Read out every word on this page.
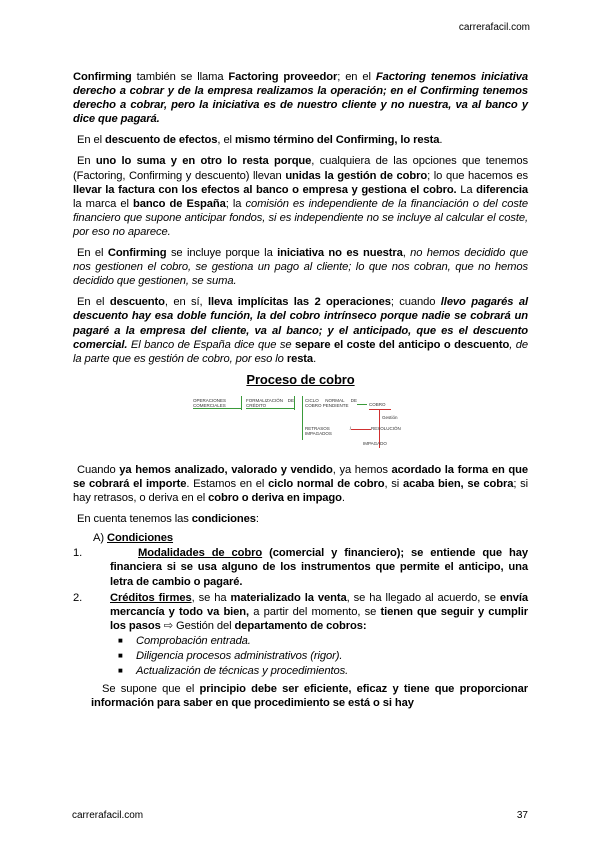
carrerafacil.com

Confirming también se llama Factoring proveedor; en el Factoring tenemos iniciativa derecho a cobrar y de la empresa realizamos la operación; en el Confirming tenemos derecho a cobrar, pero la iniciativa es de nuestro cliente y no nuestra, va al banco y dice que pagará.

En el descuento de efectos, el mismo término del Confirming, lo resta.

En uno lo suma y en otro lo resta porque, cualquiera de las opciones que tenemos (Factoring, Confirming y descuento) llevan unidas la gestión de cobro; lo que hacemos es llevar la factura con los efectos al banco o empresa y gestiona el cobro. La diferencia la marca el banco de España; la comisión es independiente de la financiación o del coste financiero que supone anticipar fondos, si es independiente no se incluye al calcular el coste, por eso no aparece.

En el Confirming se incluye porque la iniciativa no es nuestra, no hemos decidido que nos gestionen el cobro, se gestiona un pago al cliente; lo que nos cobran, que no hemos decidido que gestionen, se suma.

En el descuento, en sí, lleva implícitas las 2 operaciones; cuando llevo pagarés al descuento hay esa doble función, la del cobro intrínseco porque nadie se cobrará un pagaré a la empresa del cliente, va al banco; y el anticipado, que es el descuento comercial. El banco de España dice que se separe el coste del anticipo o descuento, de la parte que es gestión de cobro, por eso lo resta.

Proceso de cobro
OPERACIONES COMERCIALES
FORMALIZACIÓN DE CRÉDITO
CICLO NORMAL DE COBRO PENDIENTE	COBRO
Gestión
RETRASOS / IMPAGADOS
RESOLUCIÓN
IMPAGADO

Cuando ya hemos analizado, valorado y vendido, ya hemos acordado la forma en que se cobrará el importe. Estamos en el ciclo normal de cobro, si acaba bien, se cobra; si hay retrasos, o deriva en el cobro o deriva en impago.

En cuenta tenemos las condiciones:

A) Condiciones
1.	Modalidades de cobro (comercial y financiero); se entiende que hay financiera si se usa alguno de los instrumentos que permite el anticipo, una letra de cambio o pagaré.
2. Créditos firmes, se ha materializado la venta, se ha llegado al acuerdo, se envía mercancía y todo va bien, a partir del momento, se tienen que seguir y cumplir los pasos ⇨ Gestión del departamento de cobros:
■ Comprobación entrada.
■ Diligencia procesos administrativos (rigor).
■ Actualización de técnicas y procedimientos.

Se supone que el principio debe ser eficiente, eficaz y tiene que proporcionar información para saber en que procedimiento se está o si hay

carrerafacil.com	37
